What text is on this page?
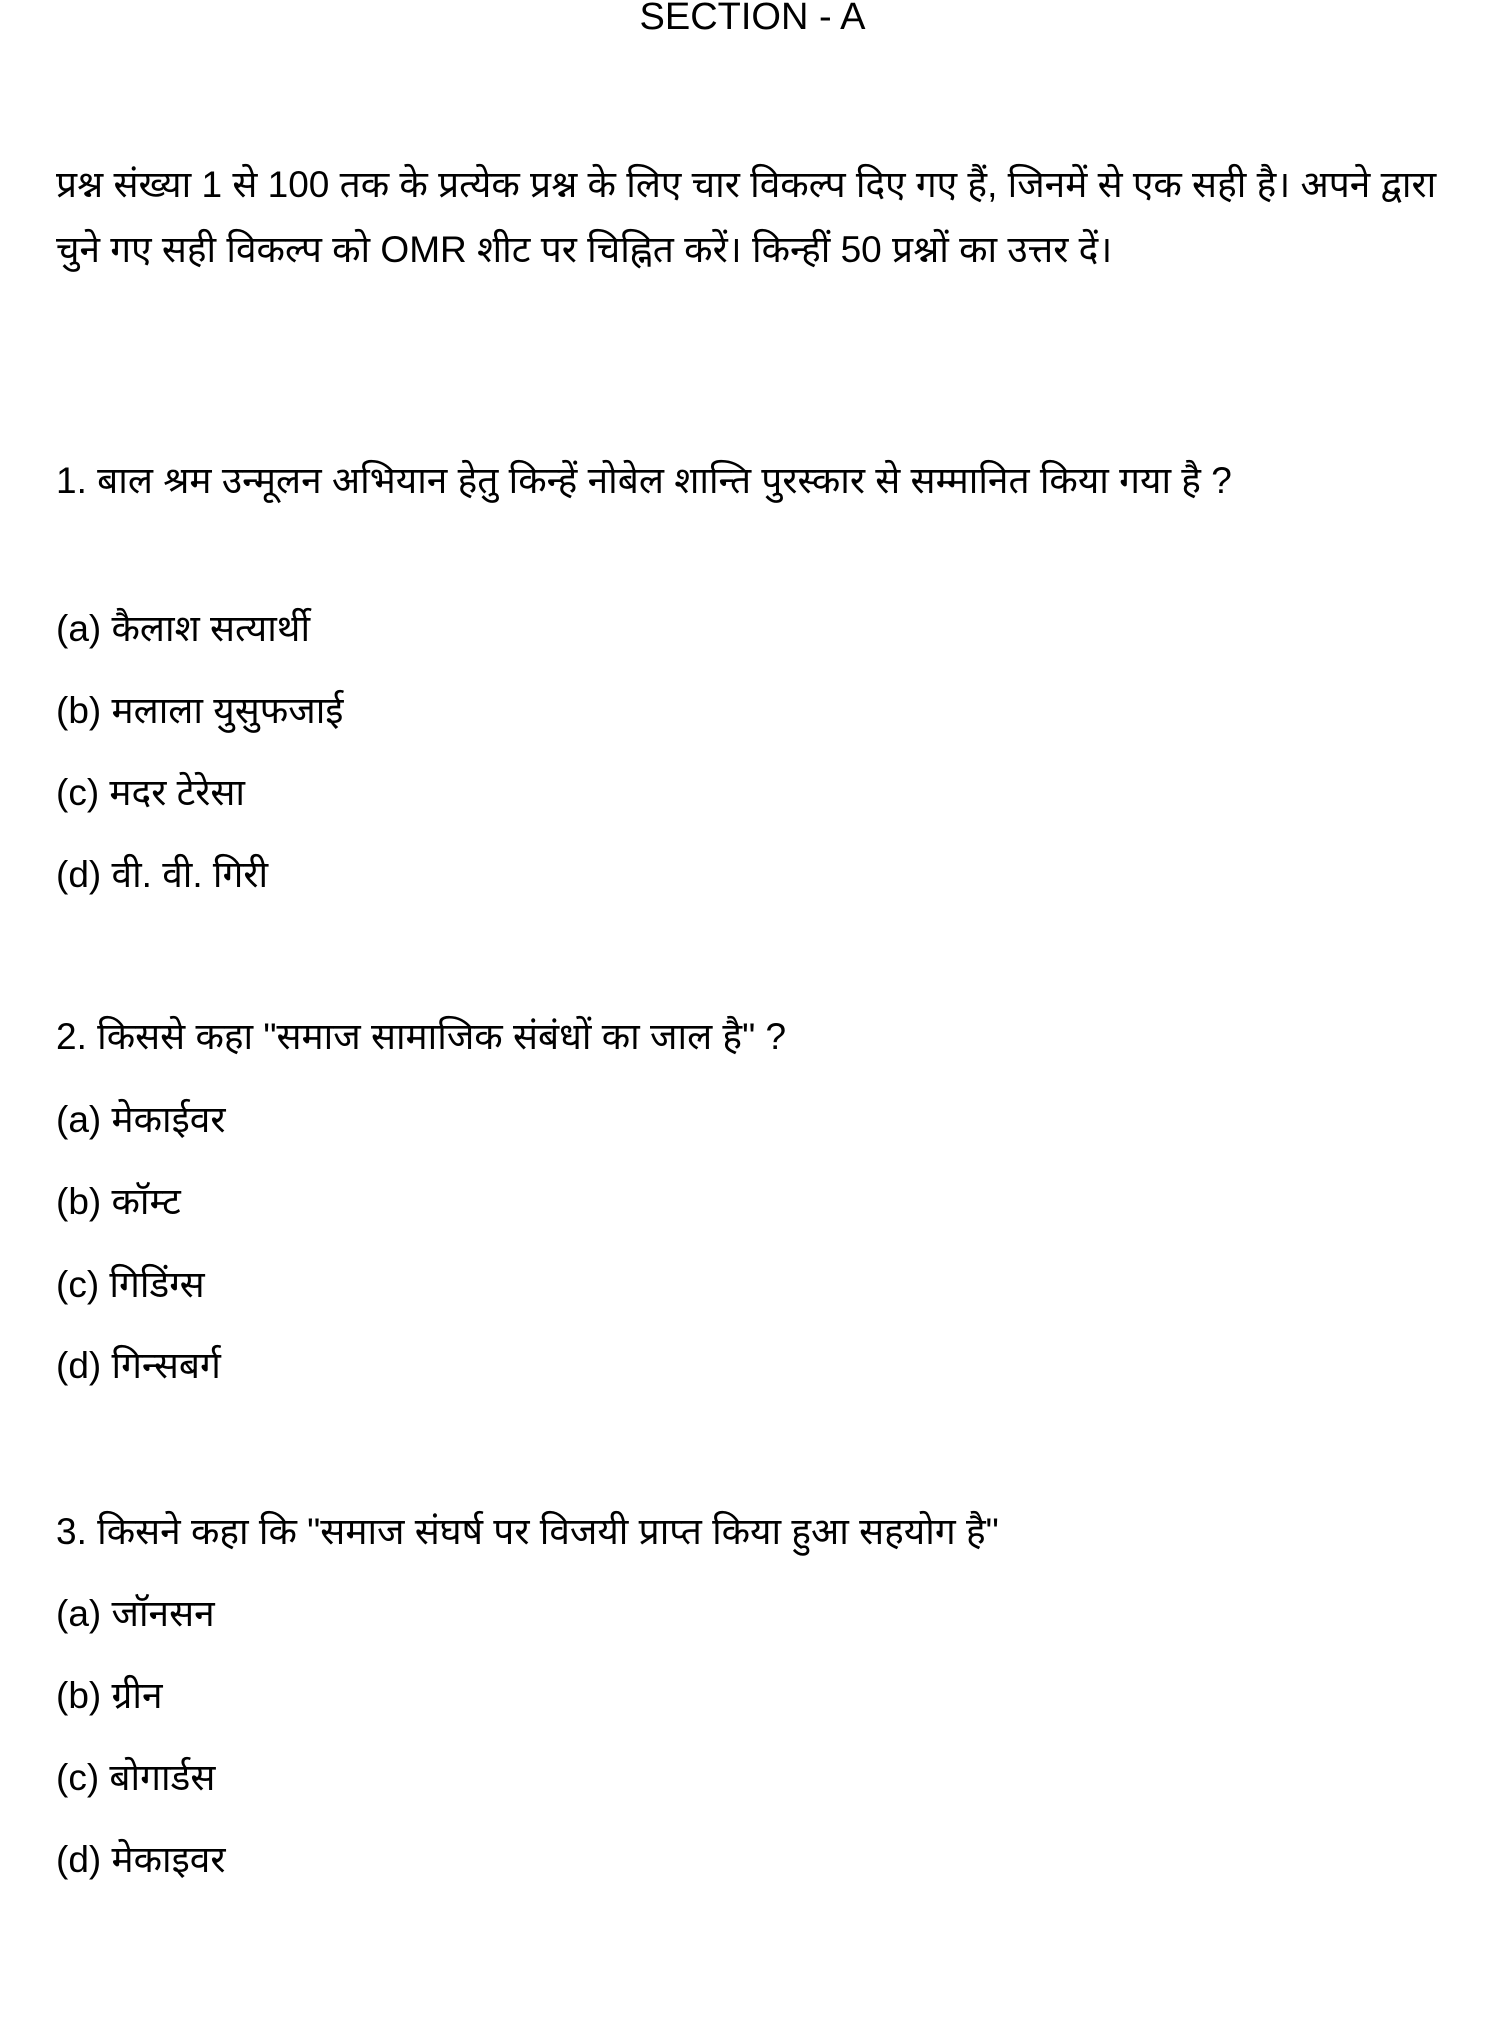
SECTION - A
प्रश्न संख्या 1 से 100 तक के प्रत्येक प्रश्न के लिए चार विकल्प दिए गए हैं, जिनमें से एक सही है। अपने द्वारा चुने गए सही विकल्प को OMR शीट पर चिह्नित करें। किन्हीं 50 प्रश्नों का उत्तर दें।
1. बाल श्रम उन्मूलन अभियान हेतु किन्हें नोबेल शान्ति पुरस्कार से सम्मानित किया गया है ?
(a) कैलाश सत्यार्थी
(b) मलाला युसुफजाई
(c) मदर टेरेसा
(d) वी. वी. गिरी
2. किससे कहा "समाज सामाजिक संबंधों का जाल है" ?
(a) मेकाईवर
(b) कॉम्ट
(c) गिडिंग्स
(d) गिन्सबर्ग
3. किसने कहा कि "समाज संघर्ष पर विजयी प्राप्त किया हुआ सहयोग है"
(a) जॉनसन
(b) ग्रीन
(c) बोगार्डस
(d) मेकाइवर
